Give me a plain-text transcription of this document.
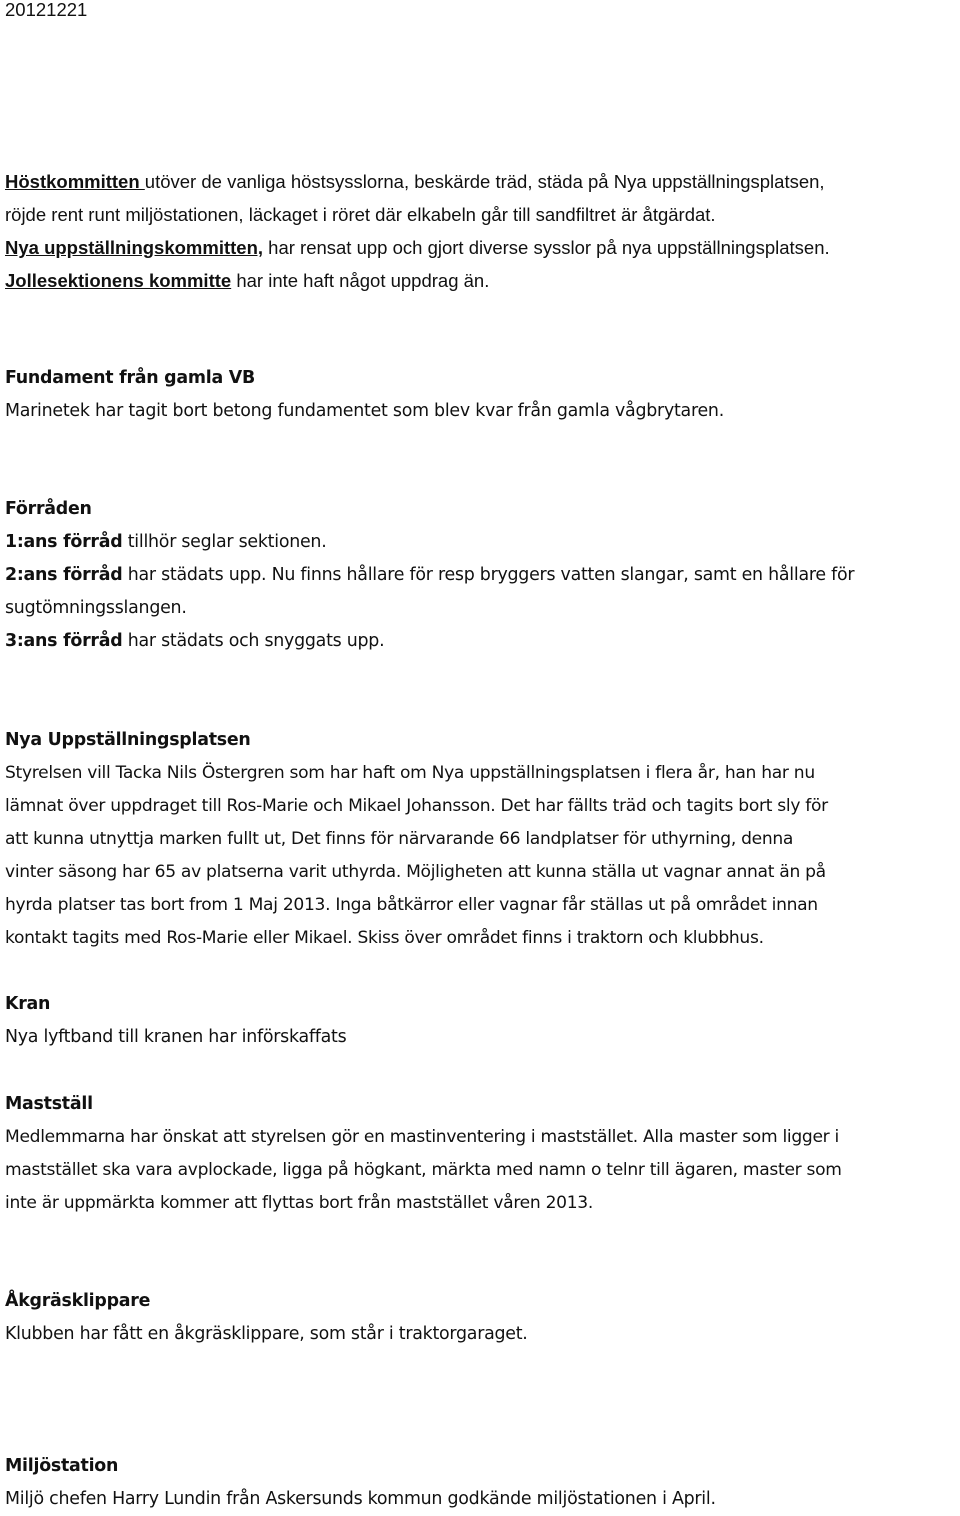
20121221
Höstkommitten utöver de vanliga höstsysslorna, beskärde träd, städa på Nya uppställningsplatsen,
röjde rent runt miljöstationen, läckaget i röret där elkabeln går till sandfiltret är åtgärdat.
Nya uppställningskommitten, har rensat upp och gjort diverse sysslor på nya uppställningsplatsen.
Jollesektionens kommitte har inte haft något uppdrag än.
Fundament från gamla VB
Marinetek har tagit bort betong fundamentet som blev kvar från gamla vågbrytaren.
Förråden
1:ans förråd tillhör seglar sektionen.
2:ans förråd har städats upp. Nu finns hållare för resp bryggers vatten slangar, samt en hållare för
sugtömningsslangen.
3:ans förråd har städats och snyggats upp.
Nya Uppställningsplatsen
Styrelsen vill Tacka Nils Östergren som har haft om Nya uppställningsplatsen i flera år, han har nu
lämnat över uppdraget till Ros-Marie och Mikael Johansson. Det har fällts träd och tagits bort sly för
att kunna utnyttja marken fullt ut, Det finns för närvarande 66 landplatser för uthyrning, denna
vinter säsong har 65 av platserna varit uthyrda. Möjligheten att kunna ställa ut vagnar annat än på
hyrda platser tas bort from 1 Maj 2013. Inga båtkärror eller vagnar får ställas ut på området innan
kontakt tagits med Ros-Marie eller Mikael. Skiss över området finns i traktorn och klubbhus.
Kran
Nya lyftband till kranen har införskaffats
Mastställ
Medlemmarna har önskat att styrelsen gör en mastinventering i maststället. Alla master som ligger i
maststället ska vara avplockade, ligga på högkant, märkta med namn o telnr till ägaren, master som
inte är uppmärkta kommer att flyttas bort från maststället våren 2013.
Åkgräsklippare
Klubben har fått en åkgräsklippare, som står i traktorgaraget.
Miljöstation
Miljö chefen Harry Lundin från Askersunds kommun godkände miljöstationen i April.
